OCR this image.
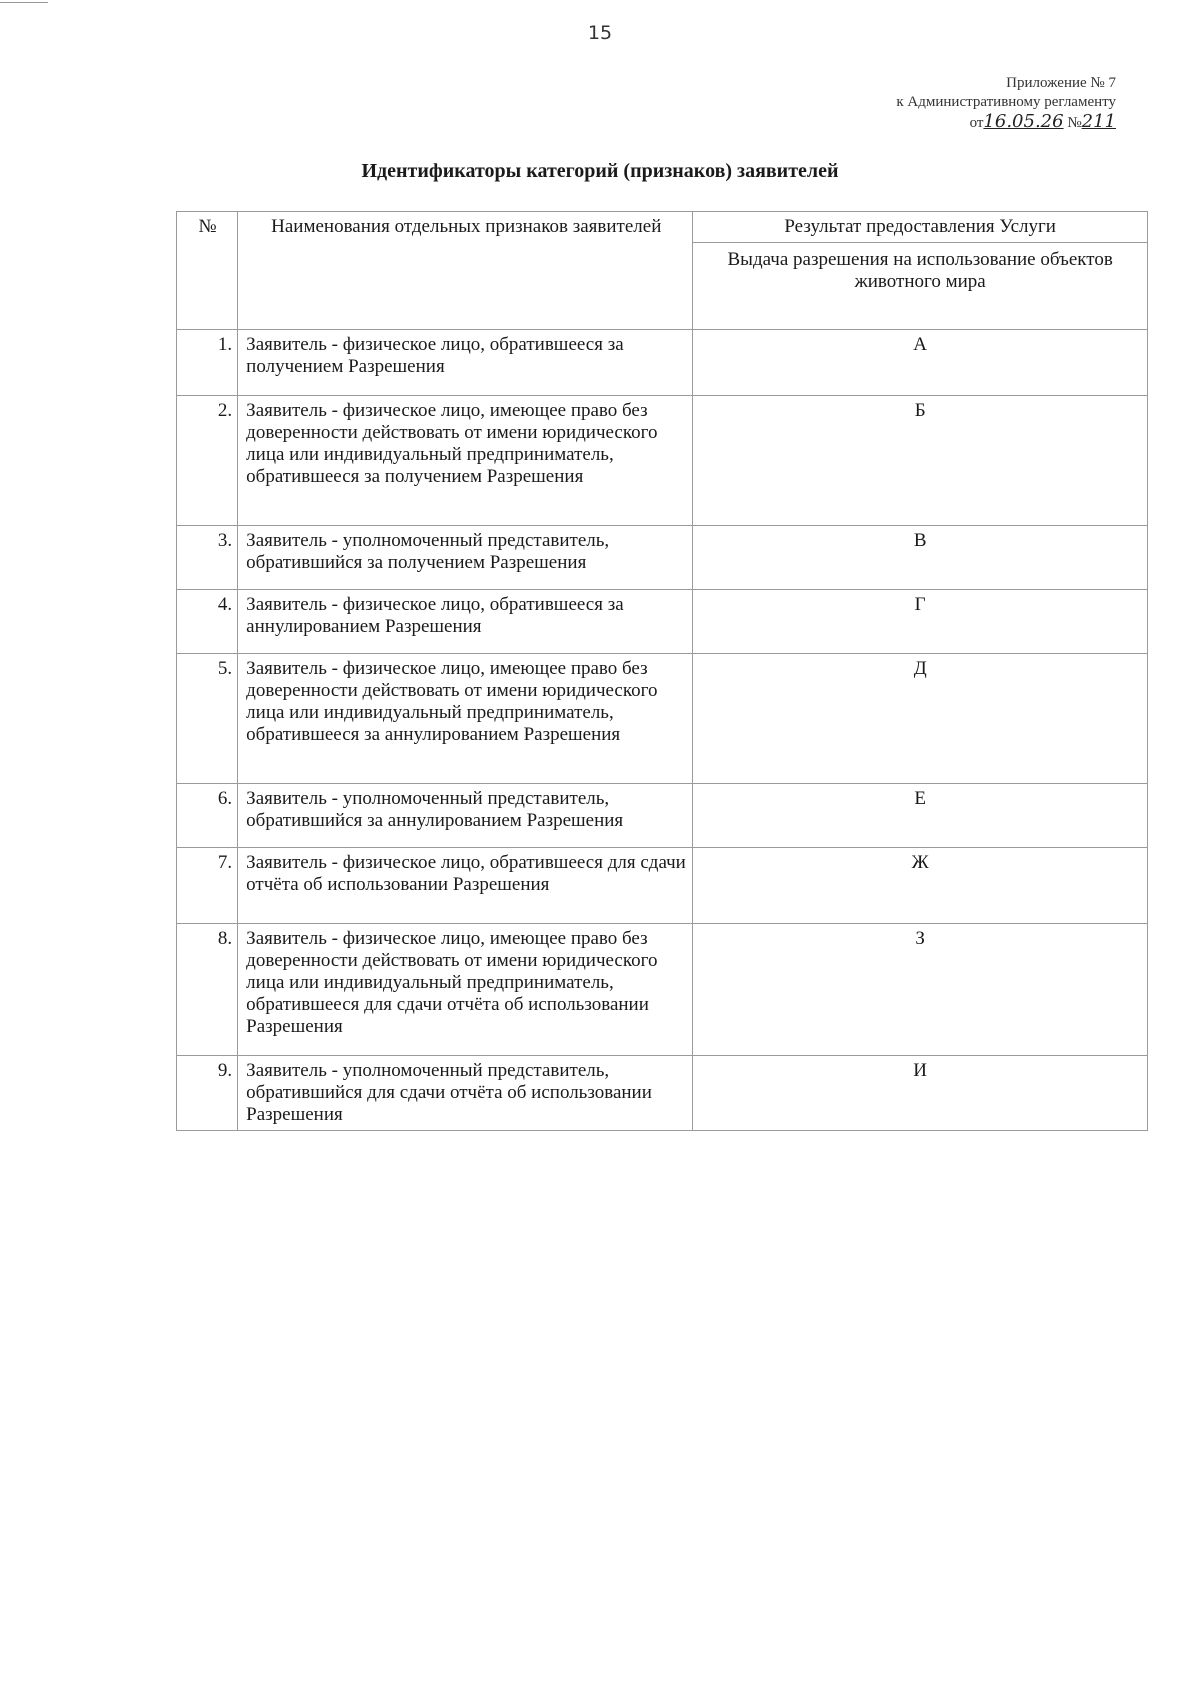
15
Приложение № 7
к Административному регламенту
от16.05.26 №211
Идентификаторы категорий (признаков) заявителей
№	Наименования отдельных признаков заявителей	Результат предоставления Услуги
		Выдача разрешения на использование объектов животного мира
1.	Заявитель - физическое лицо, обратившееся за получением Разрешения	А
2.	Заявитель - физическое лицо, имеющее право без доверенности действовать от имени юридического лица или индивидуальный предприниматель, обратившееся за получением Разрешения	Б
3.	Заявитель - уполномоченный представитель, обратившийся за получением Разрешения	В
4.	Заявитель - физическое лицо, обратившееся за аннулированием Разрешения	Г
5.	Заявитель - физическое лицо, имеющее право без доверенности действовать от имени юридического лица или индивидуальный предприниматель, обратившееся за аннулированием Разрешения	Д
6.	Заявитель - уполномоченный представитель, обратившийся за аннулированием Разрешения	Е
7.	Заявитель - физическое лицо, обратившееся для сдачи отчёта об использовании Разрешения	Ж
8.	Заявитель - физическое лицо, имеющее право без доверенности действовать от имени юридического лица или индивидуальный предприниматель, обратившееся для сдачи отчёта об использовании Разрешения	З
9.	Заявитель - уполномоченный представитель, обратившийся для сдачи отчёта об использовании Разрешения	И
